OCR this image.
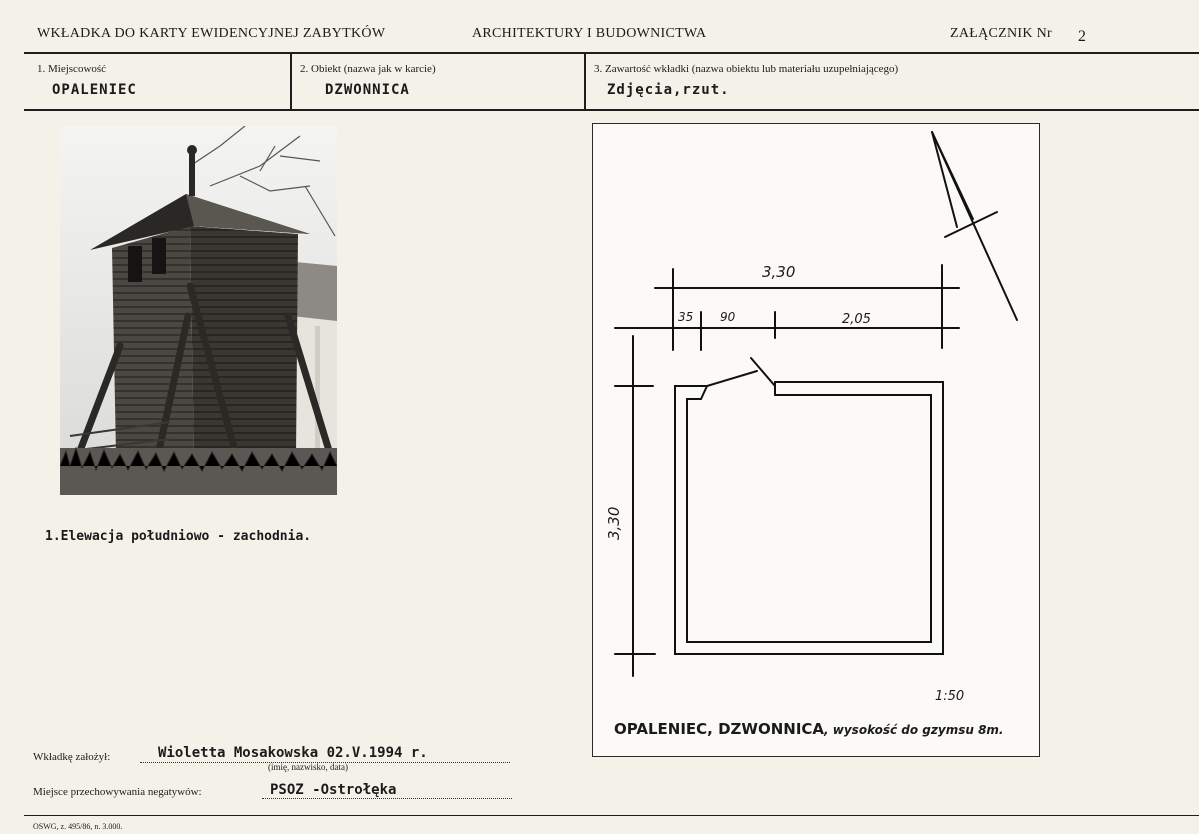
WKŁADKA DO KARTY EWIDENCYJNEJ ZABYTKÓW	ARCHITEKTURY I BUDOWNICTWA	ZAŁĄCZNIK Nr 2
1. Miejscowość
OPALENIEC
2. Obiekt (nazwa jak w karcie)
DZWONNICA
3. Zawartość wkładki (nazwa obiektu lub materiału uzupełniającego)
Zdjęcia,rzut.
1.Elewacja południowo - zachodnia.
3,30
35 90	2,05
3,30
1:50
OPALENIEC, DZWONNICA, wysokość do gzymsu 8m.
Wkładkę założył:	Wioletta Mosakowska 02.V.1994 r.
(imię, nazwisko, data)
Miejsce przechowywania negatywów:	PSOZ -Ostrołęka
OSWG, z. 495/86, n. 3.000.
